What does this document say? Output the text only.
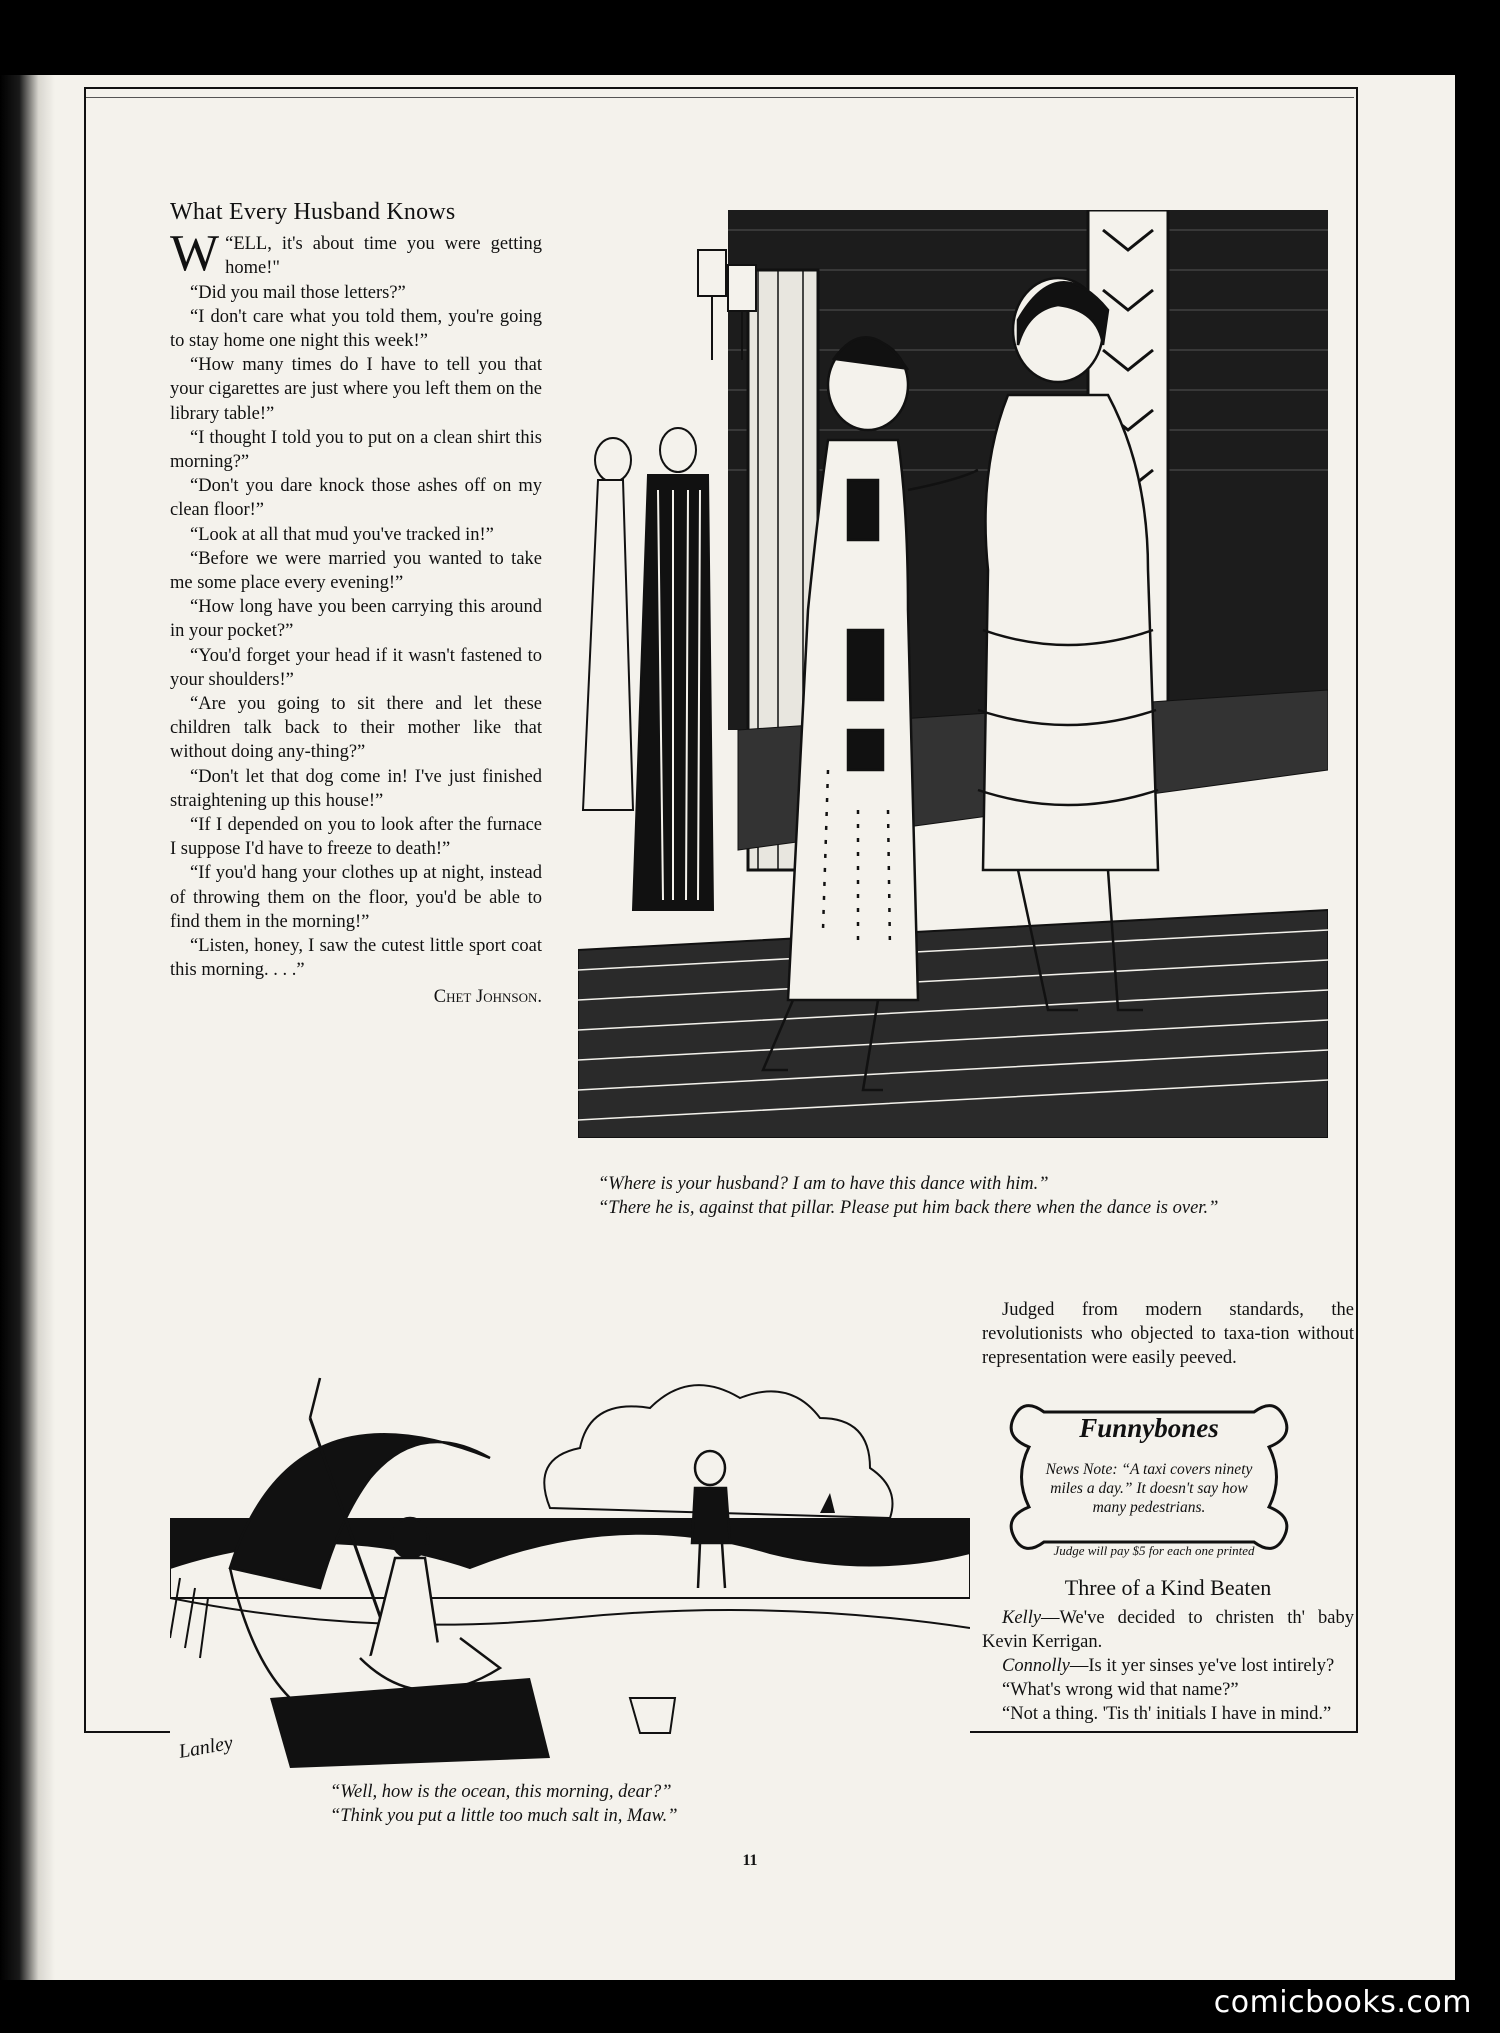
What Every Husband Knows

“
W ELL, it's about time you were getting home!"

“Did you mail those letters?”

“I don't care what you told them, you're going to stay home one night this week!”

“How many times do I have to tell you that your cigarettes are just where you left them on the library table!”

“I thought I told you to put on a clean shirt this morning?”

“Don't you dare knock those ashes off on my clean floor!”

“Look at all that mud you've tracked in!”

“Before we were married you wanted to take me some place every evening!”

“How long have you been carrying this around in your pocket?”

“You'd forget your head if it wasn't fastened to your shoulders!”

“Are you going to sit there and let these children talk back to their mother like that without doing any-thing?”

“Don't let that dog come in! I've just finished straightening up this house!”

“If I depended on you to look after the furnace I suppose I'd have to freeze to death!”

“If you'd hang your clothes up at night, instead of throwing them on the floor, you'd be able to find them in the morning!”

“Listen, honey, I saw the cutest little sport coat this morning. . . .”

Chet Johnson.
“Where is your husband? I am to have this dance with him.”
“There he is, against that pillar. Please put him back there when the dance is over.”
Lanley
“Well, how is the ocean, this morning, dear?”
“Think you put a little too much salt in, Maw.”

Judged from modern standards, the revolutionists who objected to taxa-tion without representation were easily peeved.

Funnybones
News Note: “A taxi covers ninety miles a day.” It doesn't say how many pedestrians.
Judge will pay $5 for each one printed
Three of a Kind Beaten

Kelly—We've decided to christen th' baby Kevin Kerrigan.

Connolly—Is it yer sinses ye've lost intirely?

“What's wrong wid that name?”

“Not a thing. 'Tis th' initials I have in mind.”

11
comicbooks.com
